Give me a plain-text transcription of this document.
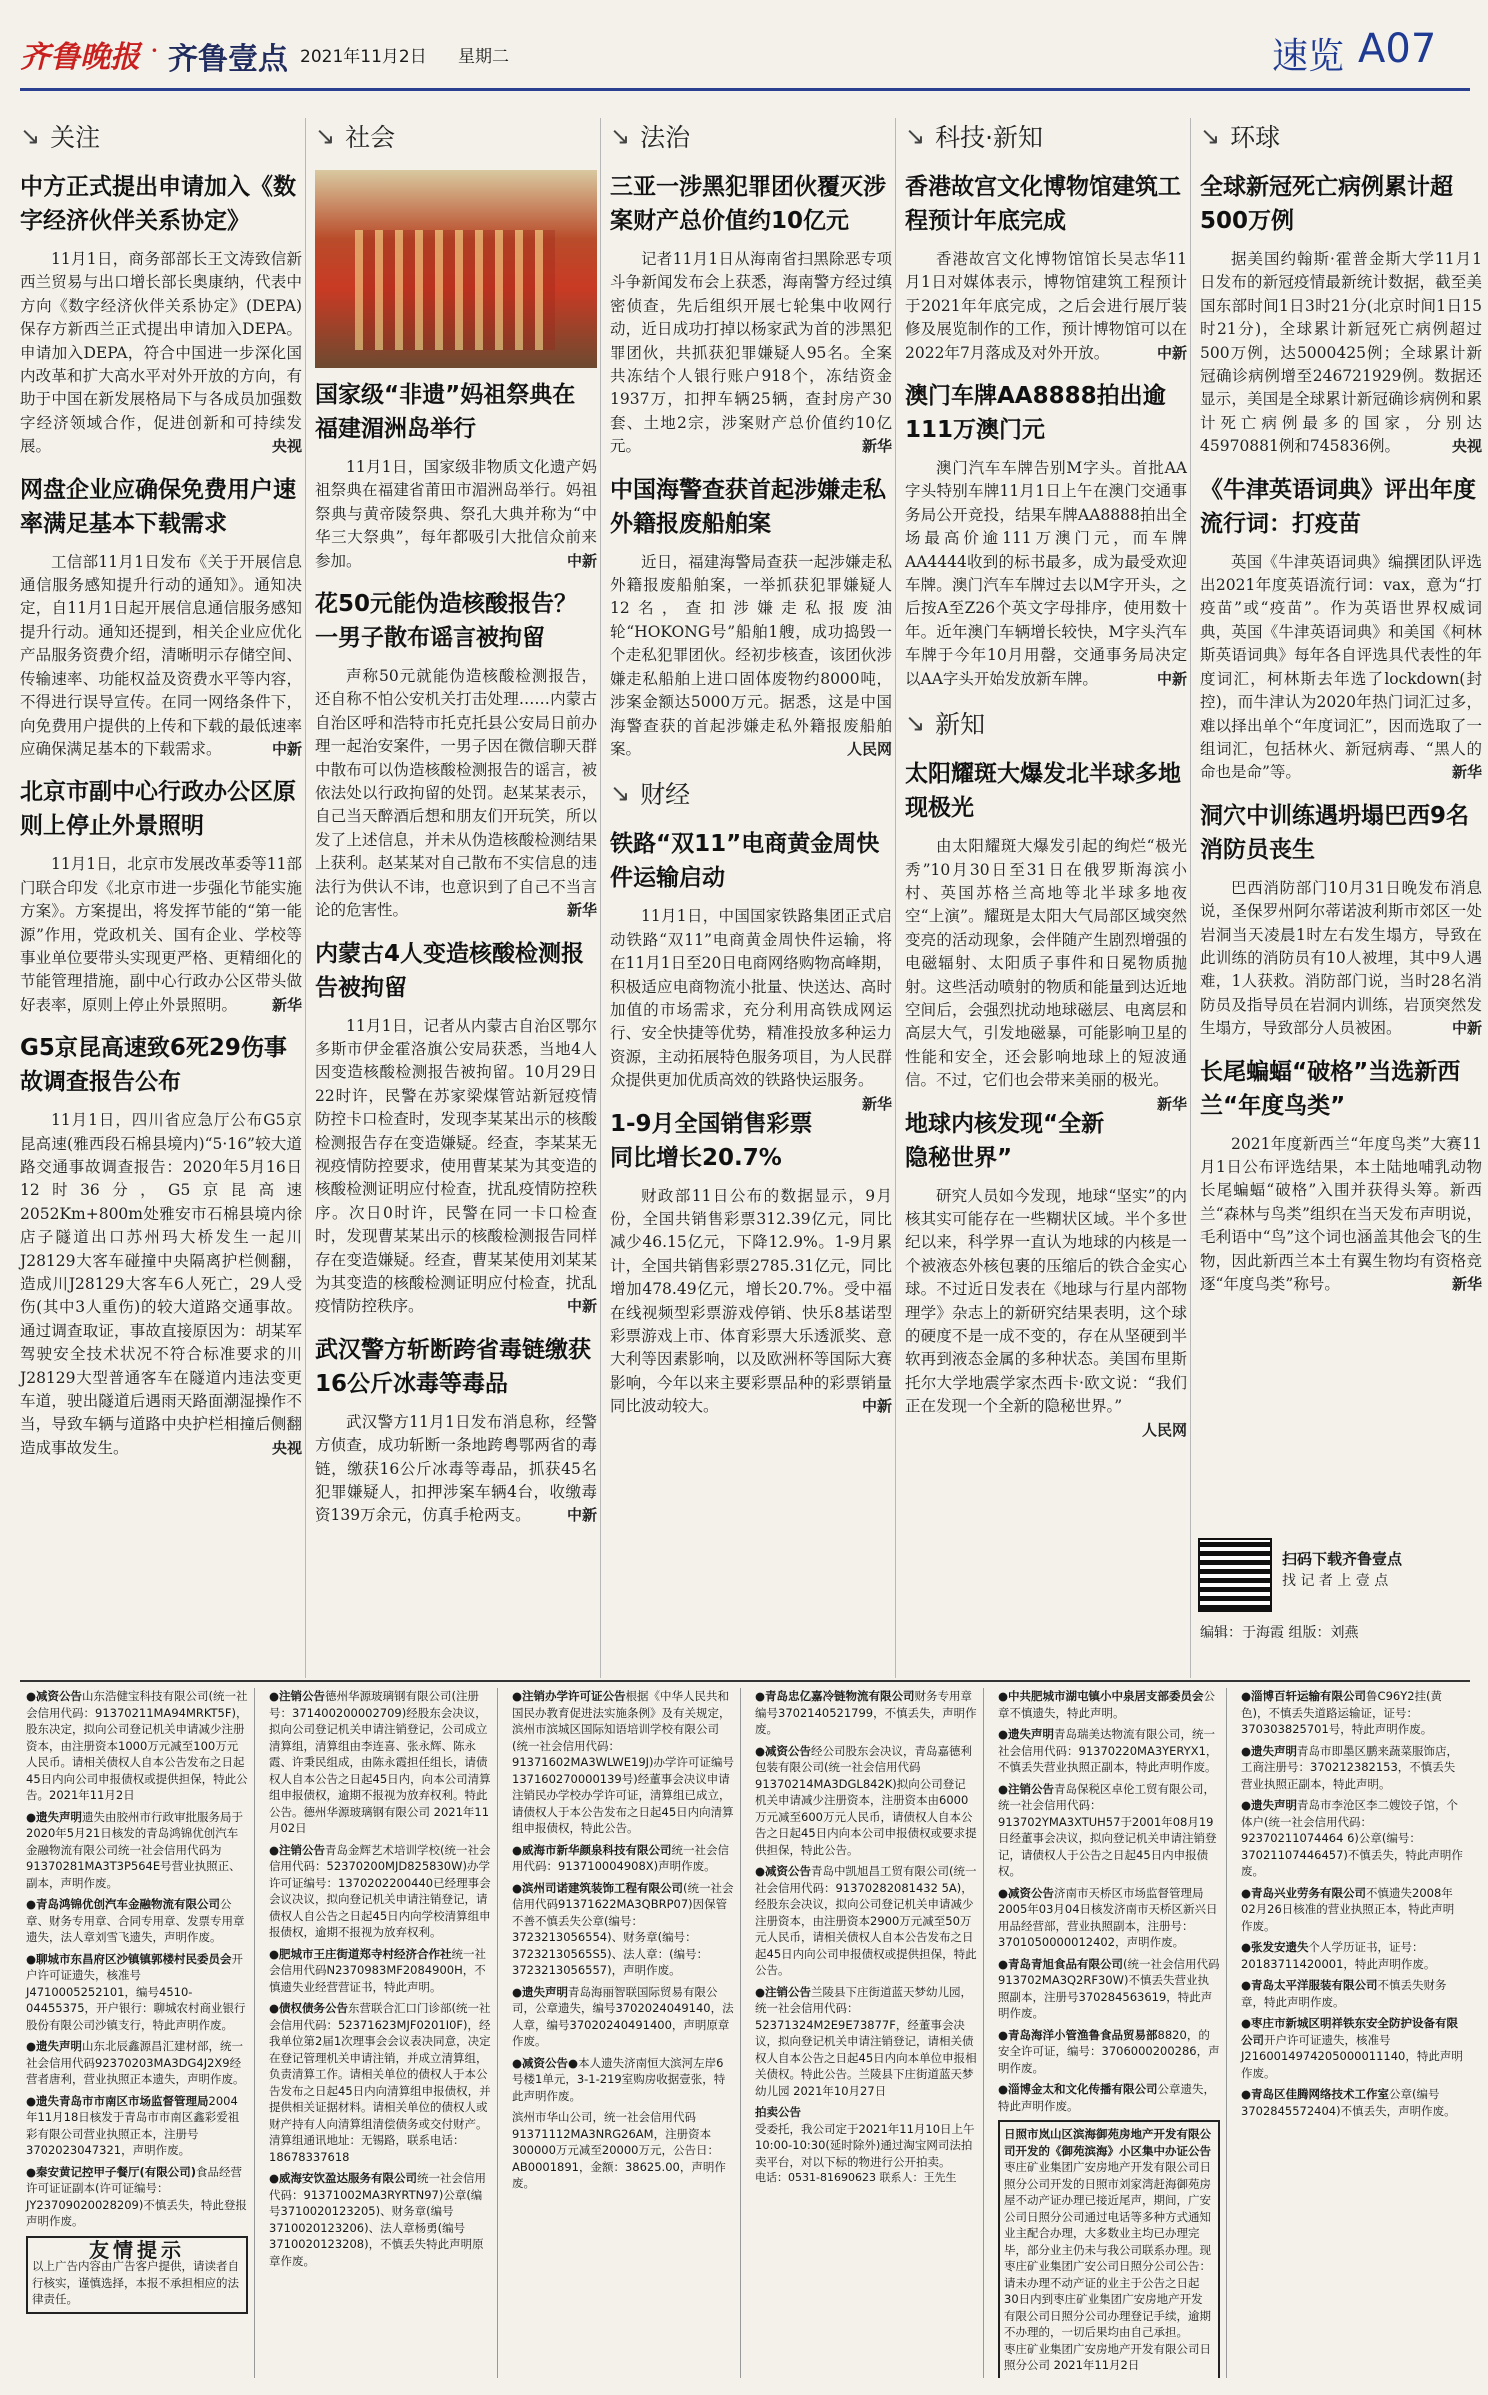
齐鲁晚报 · 齐鲁壹点 2021年11月2日 星期二	速览 A07
↘ 关注
中方正式提出申请加入《数字经济伙伴关系协定》
11月1日，商务部部长王文涛致信新西兰贸易与出口增长部长奥康纳，代表中方向《数字经济伙伴关系协定》(DEPA)保存方新西兰正式提出申请加入DEPA。申请加入DEPA，符合中国进一步深化国内改革和扩大高水平对外开放的方向，有助于中国在新发展格局下与各成员加强数字经济领域合作，促进创新和可持续发展。	央视
网盘企业应确保免费用户速率满足基本下载需求
工信部11月1日发布《关于开展信息通信服务感知提升行动的通知》。通知决定，自11月1日起开展信息通信服务感知提升行动。通知还提到，相关企业应优化产品服务资费介绍，清晰明示存储空间、传输速率、功能权益及资费水平等内容，不得进行误导宣传。在同一网络条件下，向免费用户提供的上传和下载的最低速率应确保满足基本的下载需求。	中新
北京市副中心行政办公区原则上停止外景照明
11月1日，北京市发展改革委等11部门联合印发《北京市进一步强化节能实施方案》。方案提出，将发挥节能的“第一能源”作用，党政机关、国有企业、学校等事业单位要带头实现更严格、更精细化的节能管理措施，副中心行政办公区带头做好表率，原则上停止外景照明。	新华
G5京昆高速致6死29伤事故调查报告公布
11月1日，四川省应急厅公布G5京昆高速(雅西段石棉县境内)“5·16”较大道路交通事故调查报告：2020年5月16日12时36分，G5京昆高速2052Km+800m处雅安市石棉县境内徐店子隧道出口苏州玛大桥发生一起川J28129大客车碰撞中央隔离护栏侧翻，造成川J28129大客车6人死亡，29人受伤(其中3人重伤)的较大道路交通事故。通过调查取证，事故直接原因为：胡某军驾驶安全技术状况不符合标准要求的川J28129大型普通客车在隧道内违法变更车道，驶出隧道后遇雨天路面潮湿操作不当，导致车辆与道路中央护栏相撞后侧翻造成事故发生。	央视
↘ 社会
国家级“非遗”妈祖祭典在福建湄洲岛举行
11月1日，国家级非物质文化遗产妈祖祭典在福建省莆田市湄洲岛举行。妈祖祭典与黄帝陵祭典、祭孔大典并称为“中华三大祭典”，每年都吸引大批信众前来参加。	中新
花50元能伪造核酸报告？一男子散布谣言被拘留
声称50元就能伪造核酸检测报告，还自称不怕公安机关打击处理……内蒙古自治区呼和浩特市托克托县公安局日前办理一起治安案件，一男子因在微信聊天群中散布可以伪造核酸检测报告的谣言，被依法处以行政拘留的处罚。赵某某表示，自己当天醉酒后想和朋友们开玩笑，所以发了上述信息，并未从伪造核酸检测结果上获利。赵某某对自己散布不实信息的违法行为供认不讳，也意识到了自己不当言论的危害性。	新华
内蒙古4人变造核酸检测报告被拘留
11月1日，记者从内蒙古自治区鄂尔多斯市伊金霍洛旗公安局获悉，当地4人因变造核酸检测报告被拘留。10月29日22时许，民警在苏家梁煤管站新冠疫情防控卡口检查时，发现李某某出示的核酸检测报告存在变造嫌疑。经查，李某某无视疫情防控要求，使用曹某某为其变造的核酸检测证明应付检查，扰乱疫情防控秩序。次日0时许，民警在同一卡口检查时，发现曹某某出示的核酸检测报告同样存在变造嫌疑。经查，曹某某使用刘某某为其变造的核酸检测证明应付检查，扰乱疫情防控秩序。	中新
武汉警方斩断跨省毒链缴获16公斤冰毒等毒品
武汉警方11月1日发布消息称，经警方侦查，成功斩断一条地跨粤鄂两省的毒链，缴获16公斤冰毒等毒品，抓获45名犯罪嫌疑人，扣押涉案车辆4台，收缴毒资139万余元，仿真手枪两支。	中新
↘ 法治
三亚一涉黑犯罪团伙覆灭涉案财产总价值约10亿元
记者11月1日从海南省扫黑除恶专项斗争新闻发布会上获悉，海南警方经过缜密侦查，先后组织开展七轮集中收网行动，近日成功打掉以杨家武为首的涉黑犯罪团伙，共抓获犯罪嫌疑人95名。全案共冻结个人银行账户918个，冻结资金1937万，扣押车辆25辆，查封房产30套、土地2宗，涉案财产总价值约10亿元。	新华
中国海警查获首起涉嫌走私外籍报废船舶案
近日，福建海警局查获一起涉嫌走私外籍报废船舶案，一举抓获犯罪嫌疑人12名，查扣涉嫌走私报废油轮“HOKONG号”船舶1艘，成功捣毁一个走私犯罪团伙。经初步核查，该团伙涉嫌走私船舶上进口固体废物约8000吨，涉案金额达5000万元。据悉，这是中国海警查获的首起涉嫌走私外籍报废船舶案。	人民网
↘ 财经
铁路“双11”电商黄金周快件运输启动
11月1日，中国国家铁路集团正式启动铁路“双11”电商黄金周快件运输，将在11月1日至20日电商网络购物高峰期，积极适应电商物流小批量、快送达、高时加值的市场需求，充分利用高铁成网运行、安全快捷等优势，精准投放多种运力资源，主动拓展特色服务项目，为人民群众提供更加优质高效的铁路快运服务。
新华
1-9月全国销售彩票同比增长20.7%
财政部11日公布的数据显示，9月份，全国共销售彩票312.39亿元，同比减少46.15亿元，下降12.9%。1-9月累计，全国共销售彩票2785.31亿元，同比增加478.49亿元，增长20.7%。受中福在线视频型彩票游戏停销、快乐8基诺型彩票游戏上市、体育彩票大乐透派奖、意大利等因素影响，以及欧洲杯等国际大赛影响，今年以来主要彩票品种的彩票销量同比波动较大。	中新
↘ 科技·新知
香港故宫文化博物馆建筑工程预计年底完成
香港故宫文化博物馆馆长吴志华11月1日对媒体表示，博物馆建筑工程预计于2021年年底完成，之后会进行展厅装修及展览制作的工作，预计博物馆可以在2022年7月落成及对外开放。	中新
澳门车牌AA8888拍出逾111万澳门元
澳门汽车车牌告别M字头。首批AA字头特别车牌11月1日上午在澳门交通事务局公开竞投，结果车牌AA8888拍出全场最高价逾111万澳门元，而车牌AA4444收到的标书最多，成为最受欢迎车牌。澳门汽车车牌过去以M字开头，之后按A至Z26个英文字母排序，使用数十年。近年澳门车辆增长较快，M字头汽车车牌于今年10月用罄，交通事务局决定以AA字头开始发放新车牌。	中新
↘ 新知
太阳耀斑大爆发北半球多地现极光
由太阳耀斑大爆发引起的绚烂“极光秀”10月30日至31日在俄罗斯海滨小村、英国苏格兰高地等北半球多地夜空“上演”。耀斑是太阳大气局部区域突然变亮的活动现象，会伴随产生剧烈增强的电磁辐射、太阳质子事件和日冕物质抛射。这些活动喷射的物质和能量到达近地空间后，会强烈扰动地球磁层、电离层和高层大气，引发地磁暴，可能影响卫星的性能和安全，还会影响地球上的短波通信。不过，它们也会带来美丽的极光。
新华
地球内核发现“全新隐秘世界”
研究人员如今发现，地球“坚实”的内核其实可能存在一些糊状区域。半个多世纪以来，科学界一直认为地球的内核是一个被液态外核包裹的压缩后的铁合金实心球。不过近日发表在《地球与行星内部物理学》杂志上的新研究结果表明，这个球的硬度不是一成不变的，存在从坚硬到半软再到液态金属的多种状态。美国布里斯托尔大学地震学家杰西卡·欧文说：“我们正在发现一个全新的隐秘世界。”
人民网
↘ 环球
全球新冠死亡病例累计超500万例
据美国约翰斯·霍普金斯大学11月1日发布的新冠疫情最新统计数据，截至美国东部时间1日3时21分(北京时间1日15时21分)，全球累计新冠死亡病例超过500万例，达5000425例；全球累计新冠确诊病例增至246721929例。数据还显示，美国是全球累计新冠确诊病例和累计死亡病例最多的国家，分别达45970881例和745836例。	央视
《牛津英语词典》评出年度流行词：打疫苗
英国《牛津英语词典》编撰团队评选出2021年度英语流行词：vax，意为“打疫苗”或“疫苗”。作为英语世界权威词典，英国《牛津英语词典》和美国《柯林斯英语词典》每年各自评选具代表性的年度词汇，柯林斯去年选了lockdown(封控)，而牛津认为2020年热门词汇过多，难以择出单个“年度词汇”，因而选取了一组词汇，包括林火、新冠病毒、“黑人的命也是命”等。	新华
洞穴中训练遇坍塌巴西9名消防员丧生
巴西消防部门10月31日晚发布消息说，圣保罗州阿尔蒂诺波利斯市郊区一处岩洞当天凌晨1时左右发生塌方，导致在此训练的消防员有10人被埋，其中9人遇难，1人获救。消防部门说，当时28名消防员及指导员在岩洞内训练，岩顶突然发生塌方，导致部分人员被困。	中新
长尾蝙蝠“破格”当选新西兰“年度鸟类”
2021年度新西兰“年度鸟类”大赛11月1日公布评选结果，本土陆地哺乳动物长尾蝙蝠“破格”入围并获得头筹。新西兰“森林与鸟类”组织在当天发布声明说，毛利语中“鸟”这个词也涵盖其他会飞的生物，因此新西兰本土有翼生物均有资格竞逐“年度鸟类”称号。	新华
扫码下载齐鲁壹点
找 记 者 上 壹 点
编辑：于海霞 组版：刘燕
●减资公告山东浩健宝科技有限公司(统一社会信用代码：91370211MA94MRKT5F)，股东决定，拟向公司登记机关申请减少注册资本，由注册资本1000万元减至100万元人民币。请相关债权人自本公告发布之日起45日内向公司申报债权或提供担保，特此公告。2021年11月2日
●遗失声明遗失由胶州市行政审批服务局于2020年5月21日核发的青岛鸿锦优创汽车金融物流有限公司统一社会信用代码为91370281MA3T3P564E号营业执照正、副本，声明作废。
●青岛鸿锦优创汽车金融物流有限公司公章、财务专用章、合同专用章、发票专用章遗失，法人章刘雪飞遗失，声明作废。
●聊城市东昌府区沙镇镇郭楼村民委员会开户许可证遗失，核准号J4710005252101，编号4510-04455375，开户银行：聊城农村商业银行股份有限公司沙镇支行，特此声明作废。
●遗失声明山东北辰鑫源昌汇建材部，统一社会信用代码92370203MA3DG4J2X9经营者唐利，营业执照正本遗失，声明作废。
●遗失青岛市市南区市场监督管理局2004年11月18日核发于青岛市市南区鑫彩爱祖彩有限公司营业执照正本，注册号3702023047321，声明作废。
●秦安黄记控甲子餐厅(有限公司)食品经营许可证证副本(许可证编号：JY23709020028209)不慎丢失，特此登报声明作废。
友情提示
以上广告内容由广告客户提供，请读者自行核实，谨慎选择，本报不承担相应的法律责任。
●注销公告德州华源玻璃钢有限公司(注册号：371400200002709)经股东会决议，拟向公司登记机关申请注销登记，公司成立清算组，清算组由李连喜、张永辉、陈永霞、许秉民组成，由陈永霞担任组长，请债权人自本公告之日起45日内，向本公司清算组申报债权，逾期不报视为放弃权利。特此公告。德州华源玻璃钢有限公司 2021年11月02日
●注销公告青岛金辉艺术培训学校(统一社会信用代码：52370200MJD825830W)办学许可证编号：1370202200440已经理事会会议决议，拟向登记机关申请注销登记，请债权人自公告之日起45日内向学校清算组申报债权，逾期不报视为放弃权利。
●肥城市王庄街道郑寺村经济合作社统一社会信用代码N2370983MF2084900H，不慎遗失业经营营证书，特此声明。
●债权债务公告东营联合汇口门诊部(统一社会信用代码：52371623MJF0201I0F)，经我单位第2届1次理事会会议表决同意，决定在登记管理机关申请注销，并成立清算组，负责清算工作。请相关单位的债权人于本公告发布之日起45日内向清算组申报债权，并提供相关证据材料。请相关单位的债权人或财产持有人向清算组清偿债务或交付财产。清算组通讯地址：无锡路，联系电话：18678337618
●威海安饮盈达服务有限公司统一社会信用代码：91371002MA3RYRTN97)公章(编号3710020123205)、财务章(编号3710020123206)、法人章杨勇(编号3710020123208)，不慎丢失特此声明原章作废。
●注销办学许可证公告根据《中华人民共和国民办教育促进法实施条例》及有关规定，滨州市滨城区国际知语培训学校有限公司(统一社会信用代码：91371602MA3WLWE19J)办学许可证编号137160270000139号)经董事会决议申请注销民办学校办学许可证，清算组已成立，请债权人于本公告发布之日起45日内向清算组申报债权，特此公告。
●威海市新华颜泉科技有限公司统一社会信用代码：913710004908X)声明作废。
●滨州司诺建筑装饰工程有限公司(统一社会信用代码91371622MA3QBRP07)因保管不善不慎丢失公章(编号：3723213056554)、财务章(编号：37232130565S5)、法人章：(编号：3723213056557)，声明作废。
●遗失声明青岛海丽智联国际贸易有限公司，公章遗失，编号3702024049140，法人章，编号37020240491400，声明原章作废。
●减资公告●本人遗失济南恒大滨河左岸6号楼1单元，3-1-219室购房收据壹张，特此声明作废。
滨州市华山公司，统一社会信用代码91371112MA3NRG26AM，注册资本300000万元减至20000万元，公告日：AB0001891，金额：38625.00，声明作废。
●青岛忠亿嘉冷链物流有限公司财务专用章编号3702140521799，不慎丢失，声明作废。
●减资公告经公司股东会决议，青岛嘉德利包装有限公司(统一社会信用代码91370214MA3DGL842K)拟向公司登记机关申请减少注册资本，注册资本由6000万元减至600万元人民币，请债权人自本公告之日起45日内向本公司申报债权或要求提供担保，特此公告。
●减资公告青岛中凯旭昌工贸有限公司(统一社会信用代码：91370282081432 5A)，经股东会决议，拟向公司登记机关申请减少注册资本，由注册资本2900万元减至50万元人民币，请相关债权人自本公告发布之日起45日内向公司申报债权或提供担保，特此公告。
●注销公告兰陵县下庄街道蓝天梦幼儿园，统一社会信用代码：52371324M2E9E73877F，经董事会决议，拟向登记机关申请注销登记，请相关债权人自本公告之日起45日内向本单位申报相关债权。特此公告。兰陵县下庄街道蓝天梦幼儿园 2021年10月27日
拍卖公告
受委托，我公司定于2021年11月10日上午10:00-10:30(延时除外)通过淘宝网司法拍卖平台，对以下标的物进行公开拍卖。
电话：0531-81690623 联系人：王先生
●中共肥城市湖屯镇小中泉居支部委员会公章不慎遗失，特此声明。
●遗失声明青岛瑞美达物流有限公司，统一社会信用代码：91370220MA3YERYX1，不慎丢失营业执照正副本，特此声明作废。
●注销公告青岛保税区卓伦工贸有限公司，统一社会信用代码：913702YMA3XTUH57于2001年08月19日经董事会决议，拟向登记机关申请注销登记，请债权人于公告之日起45日内申报债权。
●减资公告济南市天桥区市场监督管理局2005年03月04日核发济南市天桥区新兴日用品经营部，营业执照副本，注册号：3701050000012402，声明作废。
●青岛青旭食品有限公司(统一社会信用代码913702MA3Q2RF30W)不慎丢失营业执照副本，注册号370284563619，特此声明作废。
●青岛海洋小管渔鲁食品贸易部8820，的安全许可证，编号：3706000200286，声明作废。
●淄博金太和文化传播有限公司公章遗失，特此声明作废。
日照市岚山区滨海御苑房地产开发有限公司开发的《御苑滨海》小区集中办证公告
枣庄矿业集团广安房地产开发有限公司日照分公司开发的日照市刘家湾赶海御苑房屋不动产证办理已接近尾声，期间，广安公司日照分公司通过电话等多种方式通知业主配合办理，大多数业主均已办理完毕，部分业主仍未与我公司联系办理。现枣庄矿业集团广安公司日照分公司公告：请未办理不动产证的业主于公告之日起30日内到枣庄矿业集团广安房地产开发有限公司日照分公司办理登记手续，逾期不办理的，一切后果均由自己承担。
枣庄矿业集团广安房地产开发有限公司日照分公司 2021年11月2日
●淄博百轩运输有限公司鲁C96Y2挂(黄色)，不慎丢失道路运输证，证号：370303825701号，特此声明作废。
●遗失声明青岛市即墨区鹏来蔬菜服饰店，工商注册号：370212382153，不慎丢失营业执照正副本，特此声明。
●遗失声明青岛市李沧区李二嫂饺子馆，个体户(统一社会信用代码：92370211074464 6)公章(编号：37021107446457)不慎丢失，特此声明作废。
●青岛兴业劳务有限公司不慎遗失2008年02月26日核准的营业执照正本，特此声明作废。
●张发安遗失个人学历证书，证号：20183711420001，特此声明作废。
●青岛太平洋服装有限公司不慎丢失财务章，特此声明作废。
●枣庄市新城区明祥铁东安全防护设备有限公司开户许可证遗失，核准号J2160014974205000011140，特此声明作废。
●青岛区佳腾网络技术工作室公章(编号3702845572404)不慎丢失，声明作废。
